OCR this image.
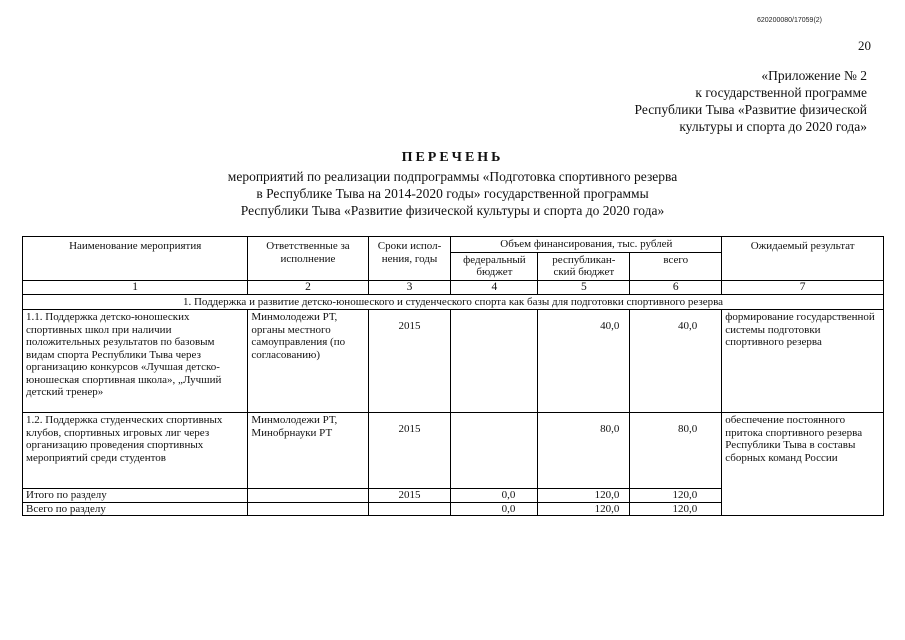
620200080/17059(2)
20
«Приложение № 2
к государственной программе
Республики Тыва «Развитие физической
культуры и спорта до 2020 года»
ПЕРЕЧЕНЬ
мероприятий по реализации подпрограммы «Подготовка спортивного резерва
в Республике Тыва на 2014-2020 годы» государственной программы
Республики Тыва «Развитие физической культуры и спорта до 2020 года»
Наименование мероприятия	Ответственные за исполнение	Сроки испол-нения, годы	Объем финансирования, тыс. рублей			Ожидаемый результат
			федеральный бюджет	республикан-ский бюджет	всего	
1	2	3	4	5	6	7
1. Поддержка и развитие детско-юношеского и студенческого спорта как базы для подготовки спортивного резерва						
1.1. Поддержка детско-юношеских спортивных школ при наличии положительных результатов по базовым видам спорта Республики Тыва через организацию конкурсов «Лучшая детско-юношеская спортивная школа», „Лучший детский тренер»	Минмолодежи РТ, органы местного самоуправления (по согласованию)	2015		40,0	40,0	формирование государственной системы подготовки спортивного резерва
1.2. Поддержка студенческих спортивных клубов, спортивных игровых лиг через организацию проведения спортивных мероприятий среди студентов	Минмолодежи РТ, Минобрнауки РТ	2015		80,0	80,0	обеспечение постоянного притока спортивного резерва Республики Тыва в составы сборных команд России
Итого по разделу		2015	0,0	120,0	120,0	
Всего по разделу			0,0	120,0	120,0	
